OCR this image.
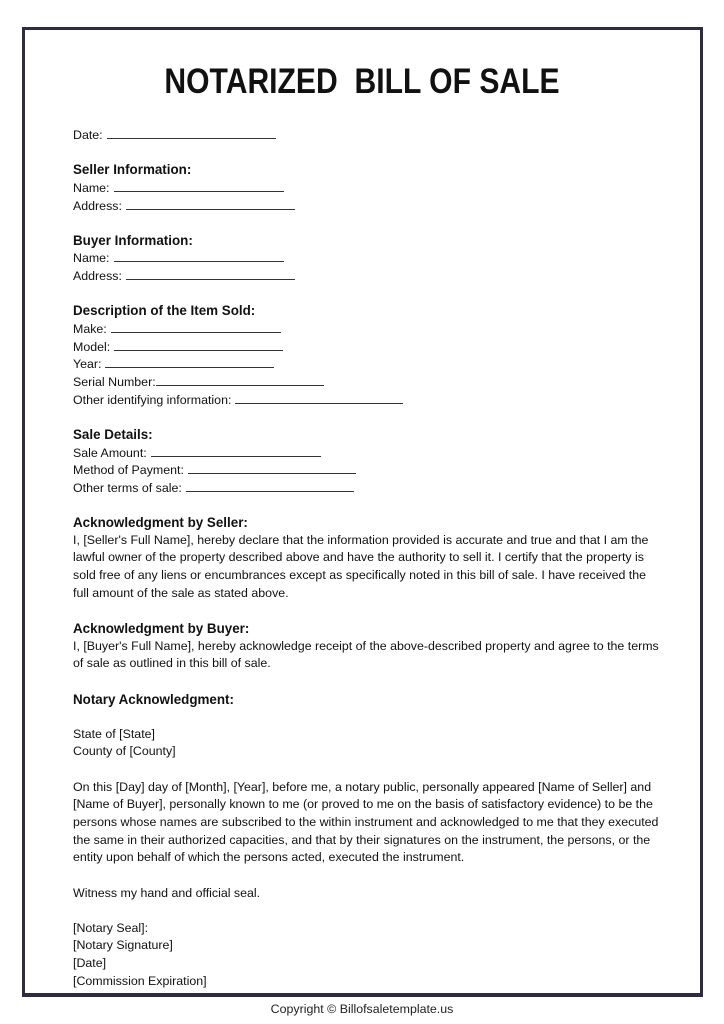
NOTARIZED  BILL OF SALE
Date:
Seller Information:
Name:
Address:
Buyer Information:
Name:
Address:
Description of the Item Sold:
Make:
Model:
Year:
Serial Number:
Other identifying information:
Sale Details:
Sale Amount:
Method of Payment:
Other terms of sale:
Acknowledgment by Seller:
I, [Seller's Full Name], hereby declare that the information provided is accurate and true and that I am the
lawful owner of the property described above and have the authority to sell it. I certify that the property is
sold free of any liens or encumbrances except as specifically noted in this bill of sale. I have received the
full amount of the sale as stated above.
Acknowledgment by Buyer:
I, [Buyer's Full Name], hereby acknowledge receipt of the above-described property and agree to the terms
of sale as outlined in this bill of sale.
Notary Acknowledgment:
State of [State]
County of [County]
On this [Day] day of [Month], [Year], before me, a notary public, personally appeared [Name of Seller] and
[Name of Buyer], personally known to me (or proved to me on the basis of satisfactory evidence) to be the
persons whose names are subscribed to the within instrument and acknowledged to me that they executed
the same in their authorized capacities, and that by their signatures on the instrument, the persons, or the
entity upon behalf of which the persons acted, executed the instrument.
Witness my hand and official seal.
[Notary Seal]:
[Notary Signature]
[Date]
[Commission Expiration]
Copyright © Billofsaletemplate.us
